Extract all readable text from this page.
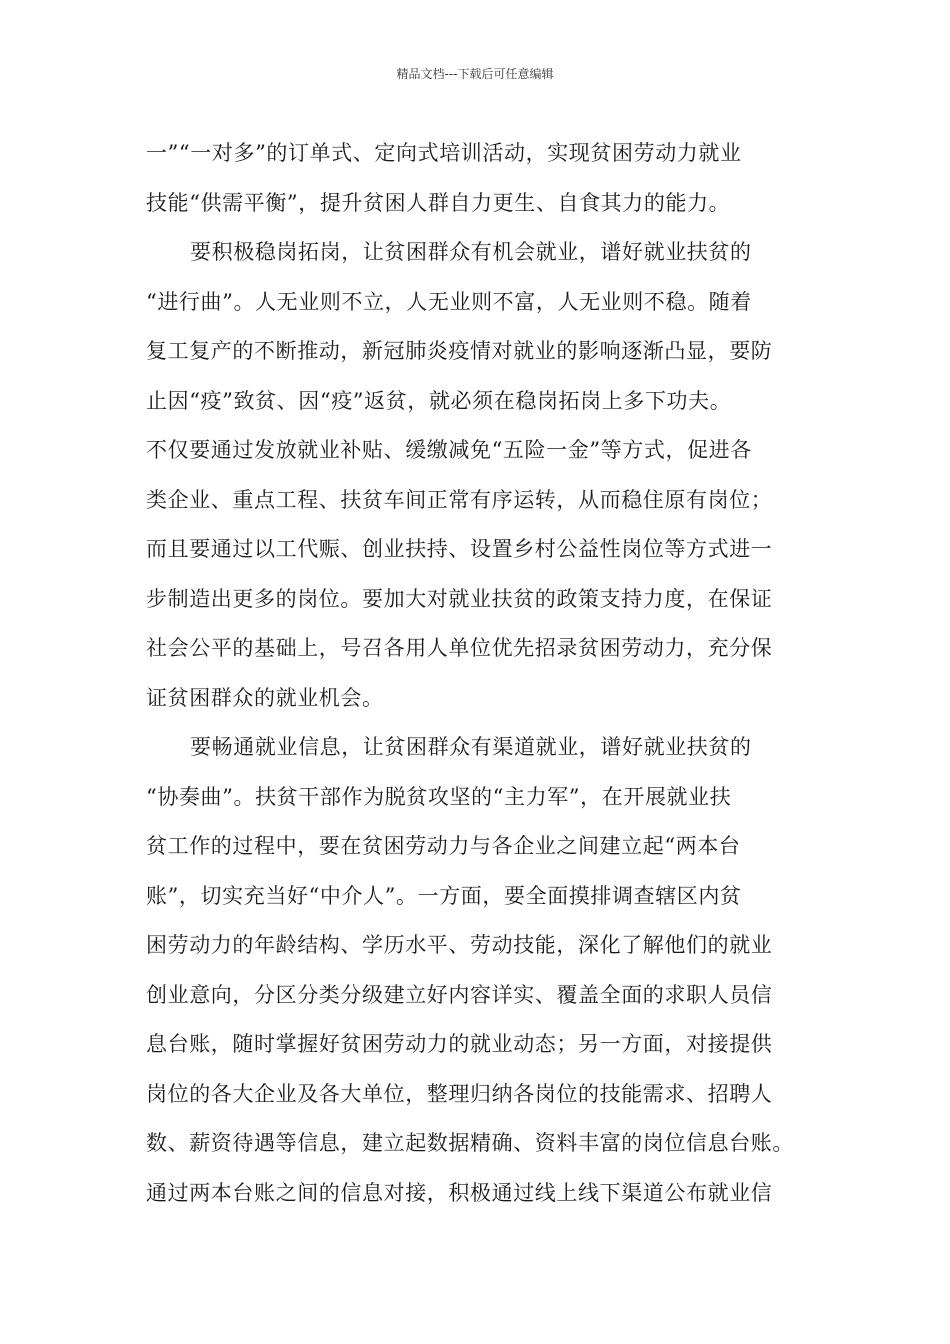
精品文档---下载后可任意编辑
一”“一对多”的订单式、定向式培训活动，实现贫困劳动力就业
技能“供需平衡”，提升贫困人群自力更生、自食其力的能力。
要积极稳岗拓岗，让贫困群众有机会就业，谱好就业扶贫的
“进行曲”。人无业则不立，人无业则不富，人无业则不稳。随着
复工复产的不断推动，新冠肺炎疫情对就业的影响逐渐凸显，要防
止因“疫”致贫、因“疫”返贫，就必须在稳岗拓岗上多下功夫。
不仅要通过发放就业补贴、缓缴减免“五险一金”等方式，促进各
类企业、重点工程、扶贫车间正常有序运转，从而稳住原有岗位；
而且要通过以工代赈、创业扶持、设置乡村公益性岗位等方式进一
步制造出更多的岗位。要加大对就业扶贫的政策支持力度，在保证
社会公平的基础上，号召各用人单位优先招录贫困劳动力，充分保
证贫困群众的就业机会。
要畅通就业信息，让贫困群众有渠道就业，谱好就业扶贫的
“协奏曲”。扶贫干部作为脱贫攻坚的“主力军”，在开展就业扶
贫工作的过程中，要在贫困劳动力与各企业之间建立起“两本台
账”，切实充当好“中介人”。一方面，要全面摸排调查辖区内贫
困劳动力的年龄结构、学历水平、劳动技能，深化了解他们的就业
创业意向，分区分类分级建立好内容详实、覆盖全面的求职人员信
息台账，随时掌握好贫困劳动力的就业动态；另一方面，对接提供
岗位的各大企业及各大单位，整理归纳各岗位的技能需求、招聘人
数、薪资待遇等信息，建立起数据精确、资料丰富的岗位信息台账。
通过两本台账之间的信息对接，积极通过线上线下渠道公布就业信
